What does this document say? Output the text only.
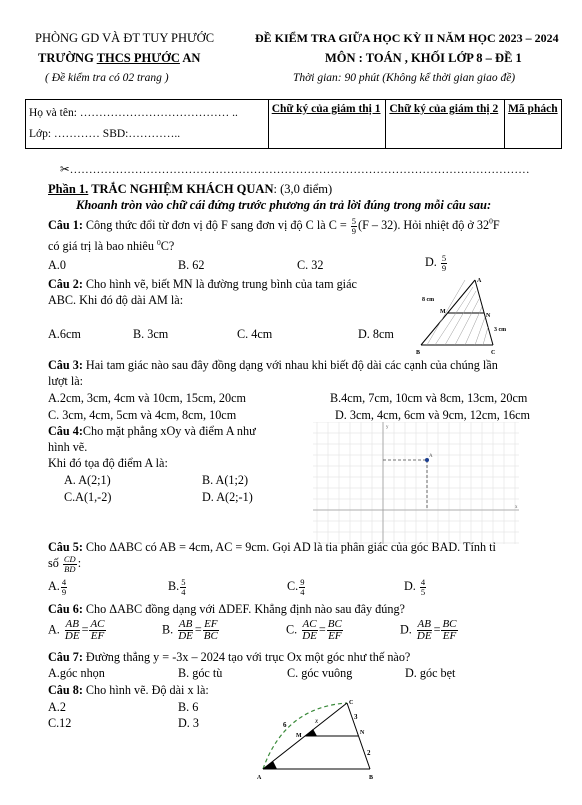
PHÒNG GD VÀ ĐT TUY PHƯỚC
TRƯỜNG THCS PHƯỚC AN
( Đề kiểm tra có 02 trang )
ĐỀ KIỂM TRA GIỮA HỌC KỲ II NĂM HỌC 2023 – 2024
MÔN : TOÁN , KHỐI LỚP 8 – ĐỀ 1
Thời gian: 90 phút (Không kể thời gian giao đề)
Họ và tên: ………………………………… ..
Lớp: ………… SBD:…………..
	Chữ ký của giám thị 1	Chữ ký của giám thị 2	Mã phách
✂…………………………………………………………………………………………………………
Phần 1. TRẮC NGHIỆM KHÁCH QUAN: (3,0 điểm)
Khoanh tròn vào chữ cái đứng trước phương án trả lời đúng trong mỗi câu sau:
Câu 1: Công thức đổi từ đơn vị độ F sang đơn vị độ C là $C = \frac{5}{9} (F - 32)$. Hỏi nhiệt độ ở $32^0F$
có giá trị là bao nhiêu $^0$C?
A.0	B. 62	C. 32	D. $\frac{5}{9}$
Câu 2: Cho hình vẽ, biết MN là đường trung bình của tam giác
ABC. Khi đó độ dài AM là:
A.6cm	B. 3cm	C. 4cm	D. 8cm
A
B	C
M
N
8 cm
3 cm
Câu 3: Hai tam giác nào sau đây đồng dạng với nhau khi biết độ dài các cạnh của chúng lần
lượt là:
A.2cm, 3cm, 4cm và 10cm, 15cm, 20cm	B.4cm, 7cm, 10cm và 8cm, 13cm, 20cm
C. 3cm, 4cm, 5cm và 4cm, 8cm, 10cm	D. 3cm, 4cm, 6cm và 9cm, 12cm, 16cm
Câu 4:Cho mặt phẳng xOy và điểm A như
hình vẽ.
Khi đó tọa độ điểm A là:
A. A(2;1)	B. A(1;2)
C.A(1,-2)	D. A(2;-1)
A
y
x
Câu 5: Cho ΔABC có AB = 4cm, AC = 9cm. Gọi AD là tia phân giác của góc BAD. Tính tỉ
số $\frac{CD}{BD}$ :
A. $\frac{4}{9}$	B. $\frac{5}{4}$	C. $\frac{9}{4}$	D. $\frac{4}{5}$
Câu 6: Cho ΔABC đồng dạng với ΔDEF. Khẳng định nào sau đây đúng?
A. $\frac{AB}{DE} = \frac{AC}{EF}$	B. $\frac{AB}{DE} = \frac{EF}{BC}$	C. $\frac{AC}{DE} = \frac{BC}{EF}$	D. $\frac{AB}{DE} = \frac{BC}{EF}$
Câu 7: Đường thẳng y = -3x – 2024 tạo với trục Ox một góc như thế nào?
A.góc nhọn	B. góc tù	C. góc vuông	D. góc bẹt
Câu 8: Cho hình vẽ. Độ dài x là:
A.2	B. 6
C.12	D. 3
A	B
C
M	N
6
3
x
2
